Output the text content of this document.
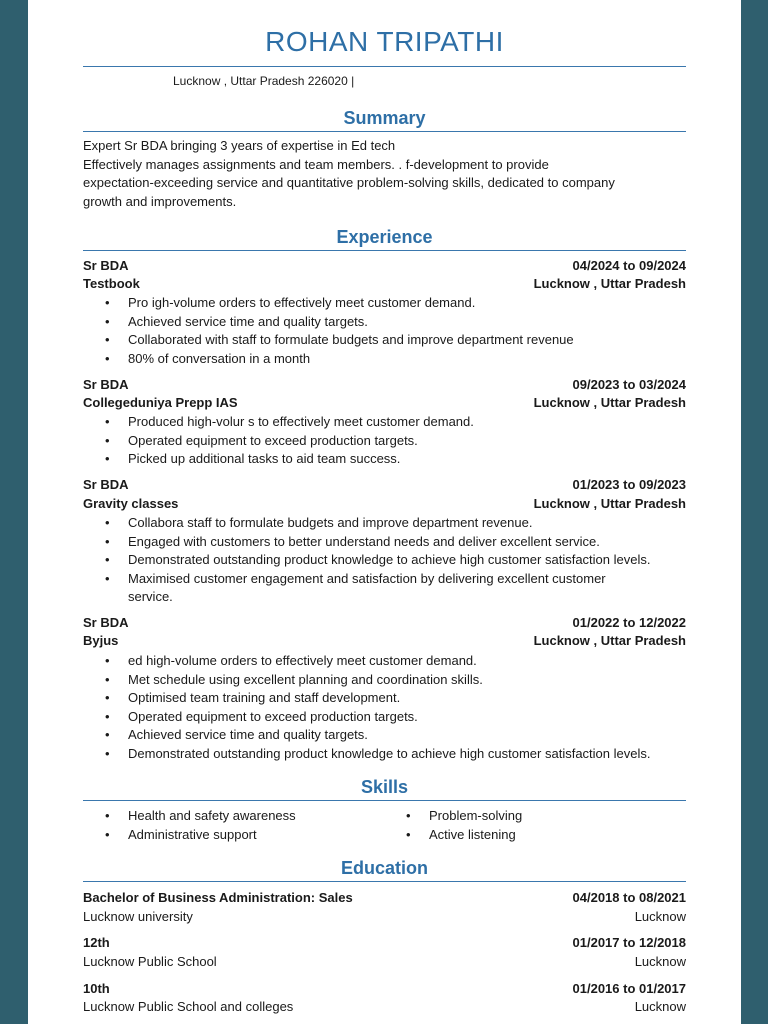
ROHAN TRIPATHI
Lucknow , Uttar Pradesh 226020 |
Summary
Expert Sr BDA bringing 3 years of expertise in Ed tech
Effectively manages assignments and team members. . f-development to provide
expectation-exceeding service and quantitative problem-solving skills, dedicated to company
growth and improvements.
Experience
Sr BDA	04/2024 to 09/2024
Testbook	Lucknow , Uttar Pradesh
• Pro igh-volume orders to effectively meet customer demand.
• Achieved service time and quality targets.
• Collaborated with staff to formulate budgets and improve department revenue
• 80% of conversation in a month
Sr BDA	09/2023 to 03/2024
Collegeduniya Prepp IAS	Lucknow , Uttar Pradesh
• Produced high-volur s to effectively meet customer demand.
• Operated equipment to exceed production targets.
• Picked up additional tasks to aid team success.
Sr BDA	01/2023 to 09/2023
Gravity classes	Lucknow , Uttar Pradesh
• Collabora staff to formulate budgets and improve department revenue.
• Engaged with customers to better understand needs and deliver excellent service.
• Demonstrated outstanding product knowledge to achieve high customer satisfaction levels.
• Maximised customer engagement and satisfaction by delivering excellent customer service.
Sr BDA	01/2022 to 12/2022
Byjus	Lucknow , Uttar Pradesh
• ed high-volume orders to effectively meet customer demand.
• Met schedule using excellent planning and coordination skills.
• Optimised team training and staff development.
• Operated equipment to exceed production targets.
• Achieved service time and quality targets.
• Demonstrated outstanding product knowledge to achieve high customer satisfaction levels.
Skills
• Health and safety awareness
• Administrative support
• Problem-solving
• Active listening
Education
Bachelor of Business Administration: Sales	04/2018 to 08/2021
Lucknow university	Lucknow
12th	01/2017 to 12/2018
Lucknow Public School	Lucknow
10th	01/2016 to 01/2017
Lucknow Public School and colleges	Lucknow
